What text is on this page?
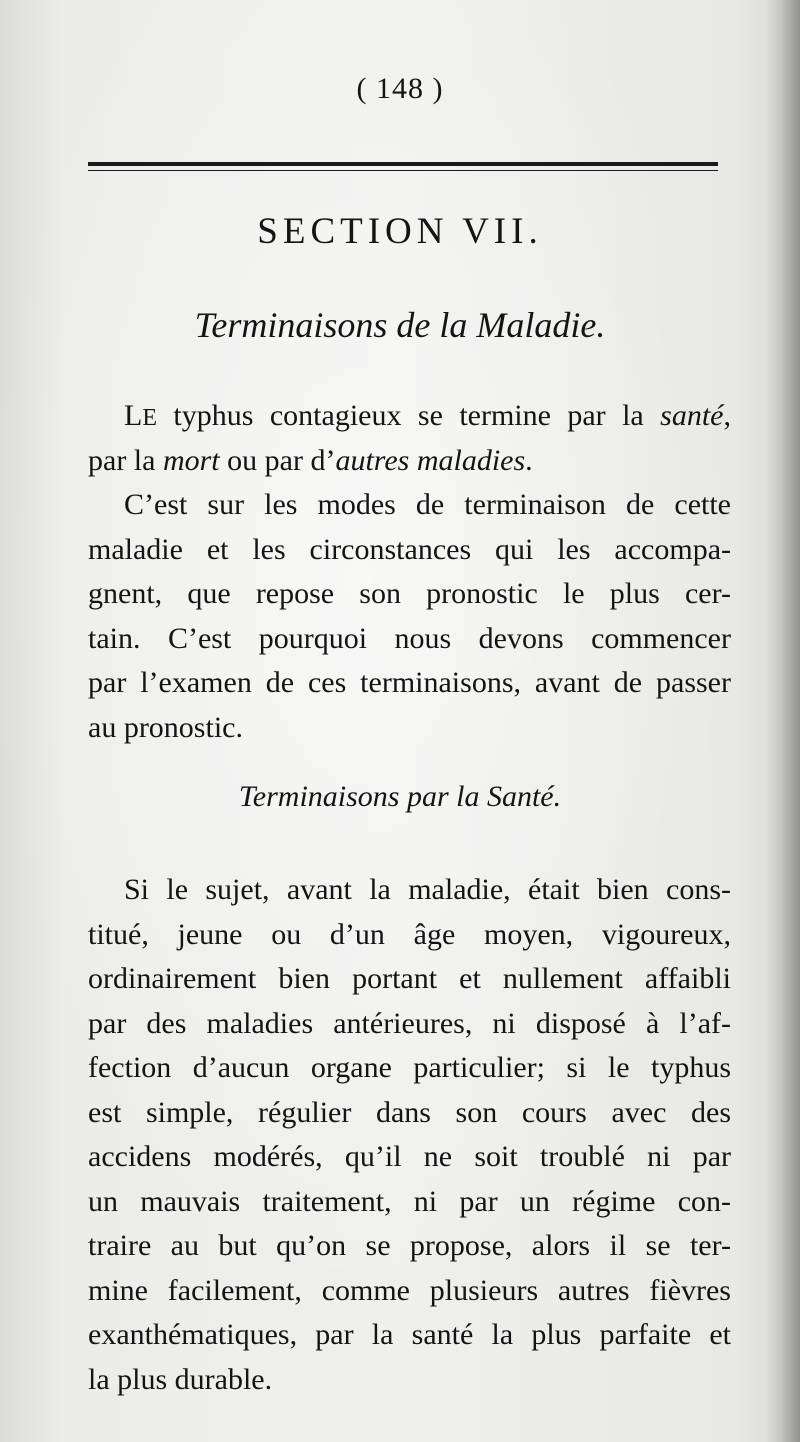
( 148 )
SECTION VII.
Terminaisons de la Maladie.
LE typhus contagieux se termine par la santé,
par la mort ou par d’autres maladies.
C’est sur les modes de terminaison de cette
maladie et les circonstances qui les accompa-
gnent, que repose son pronostic le plus cer-
tain. C’est pourquoi nous devons commencer
par l’examen de ces terminaisons, avant de passer
au pronostic.
Terminaisons par la Santé.
Si le sujet, avant la maladie, était bien cons-
titué, jeune ou d’un âge moyen, vigoureux,
ordinairement bien portant et nullement affaibli
par des maladies antérieures, ni disposé à l’af-
fection d’aucun organe particulier; si le typhus
est simple, régulier dans son cours avec des
accidens modérés, qu’il ne soit troublé ni par
un mauvais traitement, ni par un régime con-
traire au but qu’on se propose, alors il se ter-
mine facilement, comme plusieurs autres fièvres
exanthématiques, par la santé la plus parfaite et
la plus durable.
